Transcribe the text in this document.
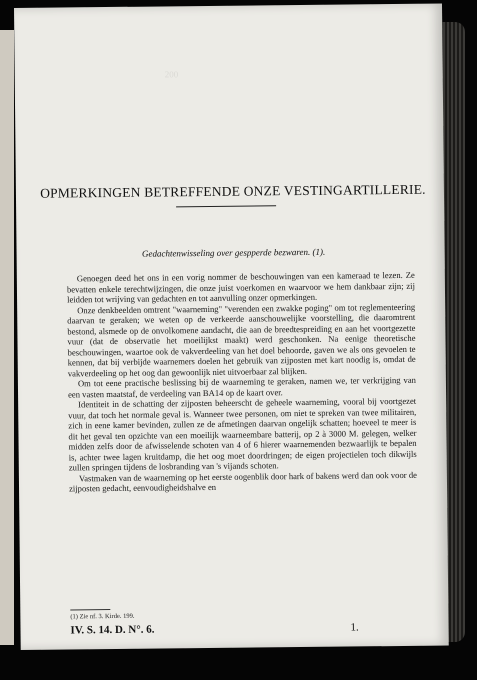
200
OPMERKINGEN BETREFFENDE ONZE VESTINGARTILLERIE.
Gedachtenwisseling over gespperde bezwaren. (1).

Genoegen deed het ons in een vorig nommer de beschouwingen van een kameraad te lezen. Ze bevatten enkele terechtwijzingen, die onze juist voerkomen en waarvoor we hem dankbaar zijn; zij leidden tot wrijving van gedachten en tot aanvulling onzer opmerkingen.

Onze denkbeelden omtrent "waarneming" "verenden een zwakke poging" om tot reglementeering daarvan te geraken; we weten op de verkeerde aanschouwelijke voorstelling, die daaromtrent bestond, alsmede op de onvolkomene aandacht, die aan de breedtespreiding en aan het voortgezette vuur (dat de observatie het moeilijkst maakt) werd geschonken. Na eenige theoretische beschouwingen, waartoe ook de vakverdeeling van het doel behoorde, gaven we als ons gevoelen te kennen, dat bij verbijde waarnemers doelen het gebruik van zijposten met kart noodig is, omdat de vakverdeeling op het oog dan gewoonlijk niet uitvoerbaar zal blijken.

Om tot eene practische beslissing bij de waarneming te geraken, namen we, ter verkrijging van een vasten maatstaf, de verdeeling van BA14 op de kaart over.

Identiteit in de schatting der zijposten beheerscht de geheele waarneming, vooral bij voortgezet vuur, dat toch het normale geval is. Wanneer twee personen, om niet te spreken van twee militairen, zich in eene kamer bevinden, zullen ze de afmetingen daarvan ongelijk schatten; hoeveel te meer is dit het geval ten opzichte van een moeilijk waarneembare batterij, op 2 à 3000 M. gelegen, welker midden zelfs door de afwisselende schoten van 4 of 6 hierer waarnemenden bezwaarlijk te bepalen is, achter twee lagen kruitdamp, die het oog moet doordringen; de eigen projectielen toch dikwijls zullen springen tijdens de losbranding van 's vijands schoten.

Vastmaken van de waarneming op het eerste oogenblik door hark of bakens werd dan ook voor de zijposten gedacht, eenvoudigheidshalve en

(1) Zie nf. 3. Kirde. 199.
IV. S. 14. D. N°. 6.	1.
